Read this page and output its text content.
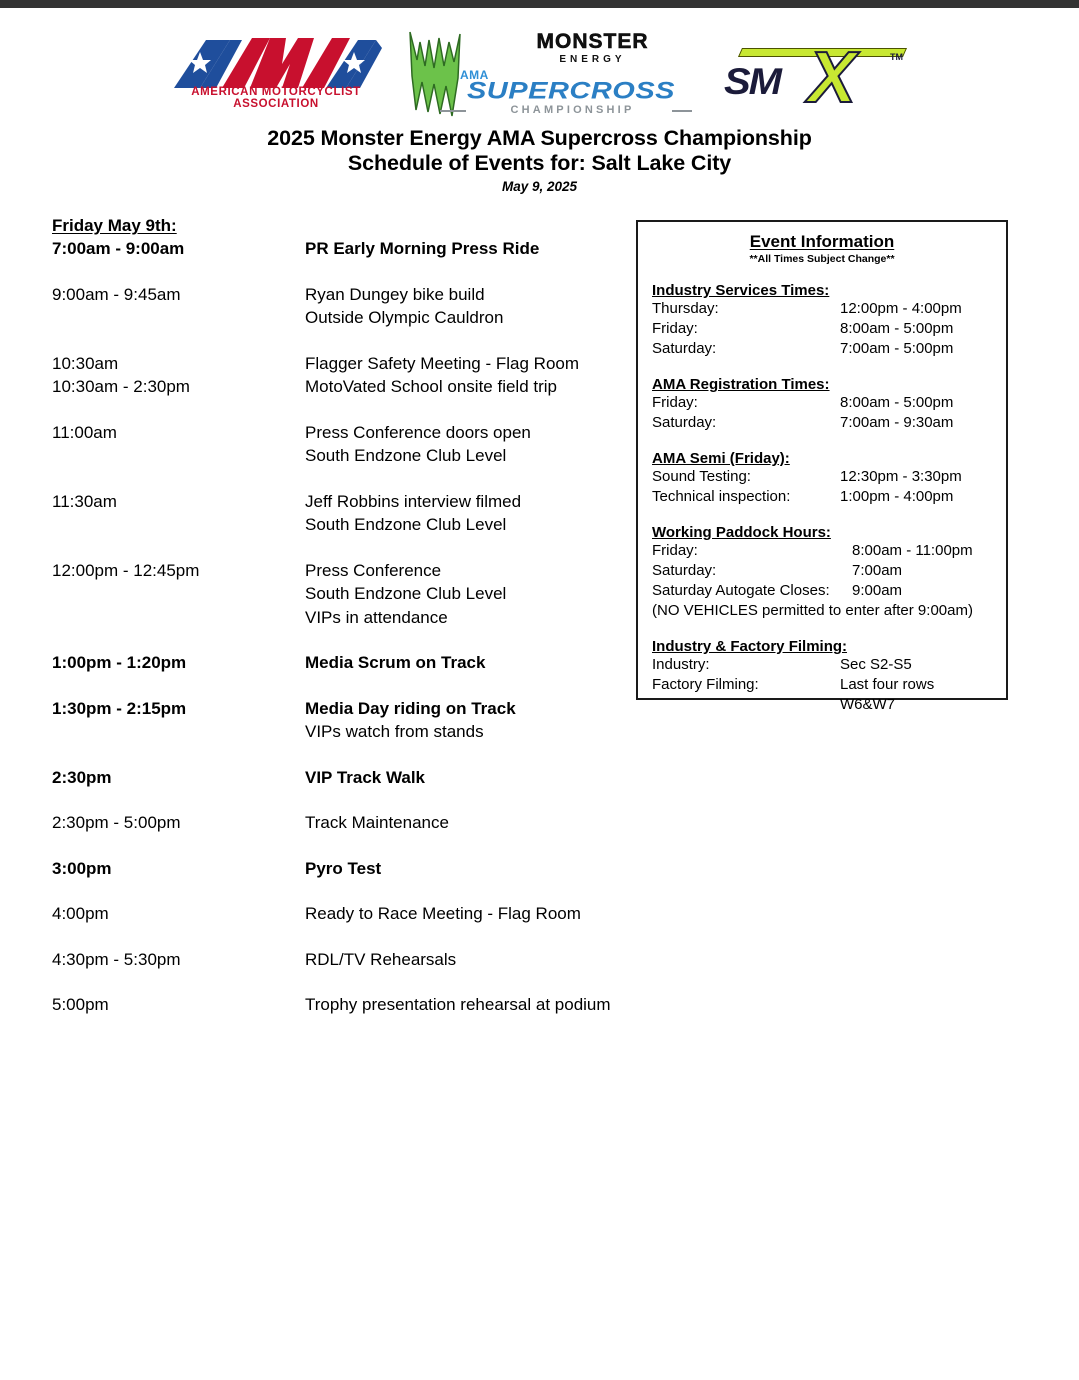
AMERICAN MOTORCYCLIST ASSOCIATION
MONSTER
ENERGY
AMA
SUPERCROSS
CHAMPIONSHIP
SM X	TM
2025 Monster Energy AMA Supercross Championship
Schedule of Events for: Salt Lake City
May 9, 2025
Friday May 9th:
7:00am - 9:00am	PR Early Morning Press Ride
9:00am - 9:45am	Ryan Dungey bike build
Outside Olympic Cauldron
10:30am	Flagger Safety Meeting - Flag Room
10:30am - 2:30pm	MotoVated School onsite field trip
11:00am	Press Conference doors open
South Endzone Club Level
11:30am	Jeff Robbins interview filmed
South Endzone Club Level
12:00pm - 12:45pm	Press Conference
South Endzone Club Level
VIPs in attendance
1:00pm - 1:20pm	Media Scrum on Track
1:30pm - 2:15pm	Media Day riding on Track
VIPs watch from stands
2:30pm	VIP Track Walk
2:30pm - 5:00pm	Track Maintenance
3:00pm	Pyro Test
4:00pm	Ready to Race Meeting - Flag Room
4:30pm - 5:30pm	RDL/TV Rehearsals
5:00pm	Trophy presentation rehearsal at podium
Event Information
**All Times Subject Change**
Industry Services Times:
Thursday:	12:00pm - 4:00pm
Friday:	8:00am - 5:00pm
Saturday:	7:00am - 5:00pm
AMA Registration Times:
Friday:	8:00am - 5:00pm
Saturday:	7:00am - 9:30am
AMA Semi (Friday):
Sound Testing:	12:30pm - 3:30pm
Technical inspection:	1:00pm - 4:00pm
Working Paddock Hours:
Friday:	8:00am - 11:00pm
Saturday:	7:00am
Saturday Autogate Closes:	9:00am
(NO VEHICLES permitted to enter after 9:00am)
Industry & Factory Filming:
Industry:	Sec S2-S5
Factory Filming:	Last four rows W6&W7
